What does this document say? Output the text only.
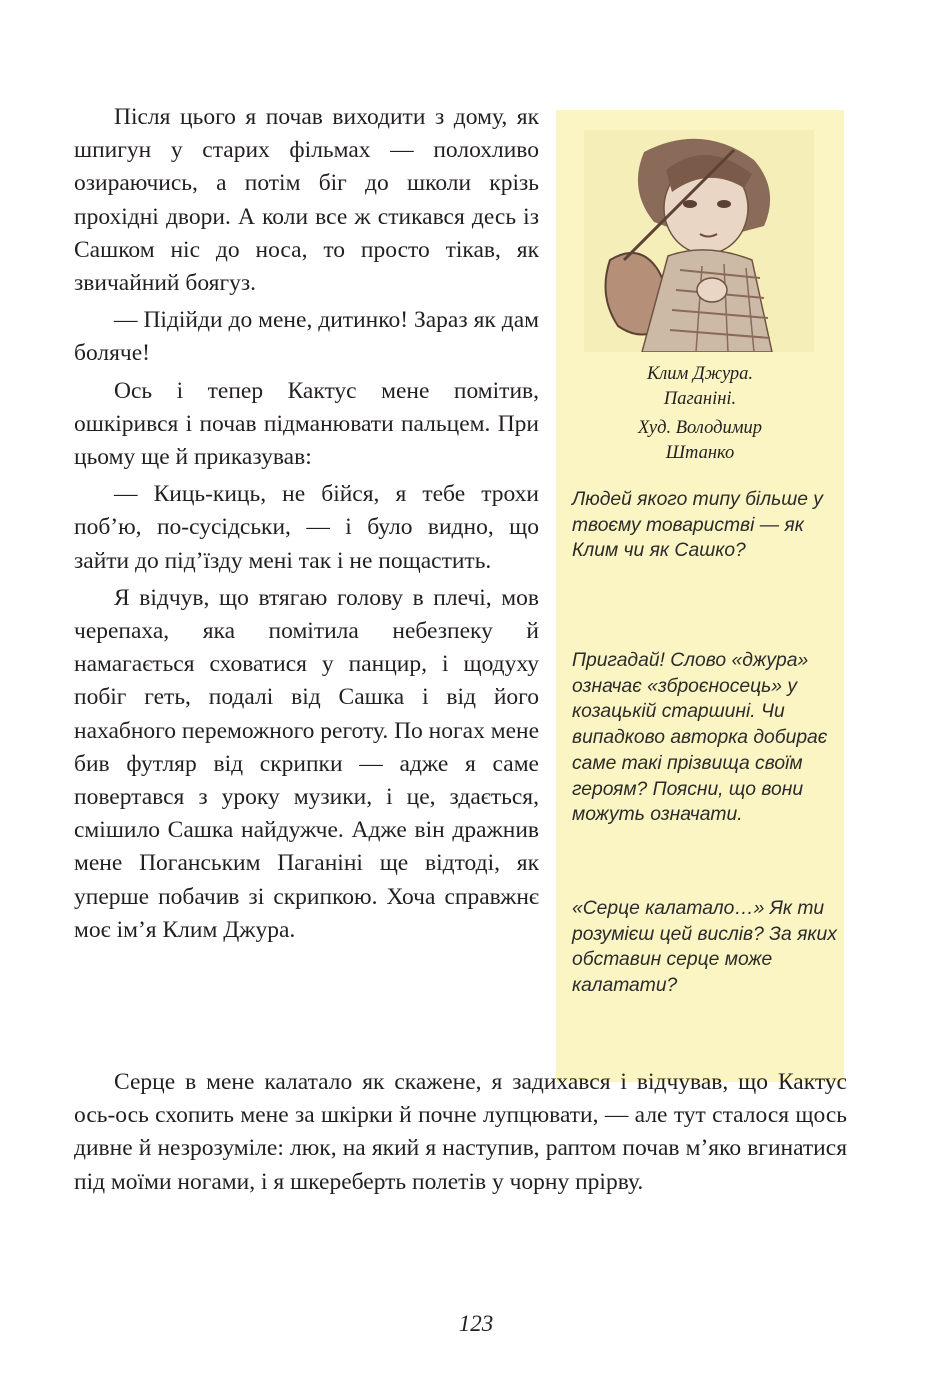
Після цього я почав виходити з дому, як шпигун у старих фільмах — полохливо озираючись, а потім біг до школи крізь прохідні двори. А коли все ж стикався десь із Сашком ніс до носа, то просто тікав, як звичайний боягуз.

— Підійди до мене, дитинко! Зараз як дам боляче!

Ось і тепер Кактус мене помітив, ошкірився і почав підманювати пальцем. При цьому ще й приказував:

— Киць-киць, не бійся, я тебе трохи поб’ю, по-сусідськи, — і було видно, що зайти до під’їзду мені так і не пощастить.

Я відчув, що втягаю голову в плечі, мов черепаха, яка помітила небезпеку й намагається сховатися у панцир, і щодуху побіг геть, подалі від Сашка і від його нахабного переможного реготу. По ногах мене бив футляр від скрипки — адже я саме повертався з уроку музики, і це, здається, смішило Сашка найдужче. Адже він дражнив мене Поганським Паганіні ще відтоді, як уперше побачив зі скрипкою. Хоча справжнє моє ім’я Клим Джура.

Клим Джура.
Паганіні.
Худ. Володимир
Штанко
Людей якого типу більше у твоєму товаристві — як Клим чи як Сашко?
Пригадай! Слово «джура» означає «зброєносець» у козацькій старшині. Чи випадково авторка добирає саме такі прізвища своїм героям? Поясни, що вони можуть означати.
«Серце калатало…» Як ти розумієш цей вислів? За яких обставин серце може калатати?

Серце в мене калатало як скажене, я задихався і відчував, що Кактус ось-ось схопить мене за шкірки й почне лупцювати, — але тут сталося щось дивне й незрозуміле: люк, на який я наступив, раптом почав м’яко вгинатися під моїми ногами, і я шкереберть полетів у чорну прірву.

123
